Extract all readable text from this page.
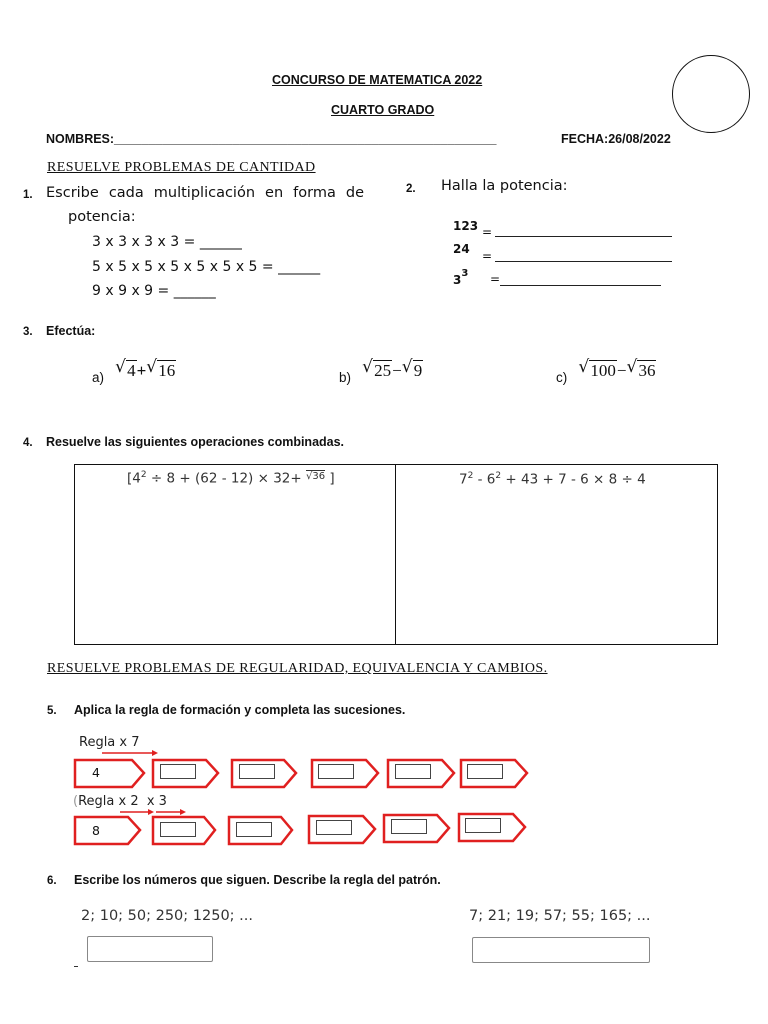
CONCURSO DE MATEMATICA 2022
CUARTO GRADO
NOMBRES:_______________________________________________________	FECHA:26/08/2022
RESUELVE PROBLEMAS DE CANTIDAD
1. Escribe cada multiplicación en forma de
potencia:
3 x 3 x 3 x 3 = ______
5 x 5 x 5 x 5 x 5 x 5 x 5 = ______
9 x 9 x 9 = ______
2. Halla la potencia:
123 =
24 =
$3^3$ =
3. Efectúa:
$_{a)}$
√ 4+ √ 16	$_{b)}$
√ 25− √ 9	$_{c)}$
√ 100− √ 36
4. Resuelve las siguientes operaciones combinadas.
[$4^2 \div 8 + (62 - 12) \times 32+ ^{√36}$ ]	$7^2 - 6^2 + 43 + 7 - 6 \times 8 \div 4$
RESUELVE PROBLEMAS DE REGULARIDAD, EQUIVALENCIA Y CAMBIOS.
5. Aplica la regla de formación y completa las sucesiones.
Regla x 7
4
(Regla x 2 x 3
8
6. Escribe los números que siguen. Describe la regla del patrón.
2; 10; 50; 250; 1250; ...	7; 21; 19; 57; 55; 165; ...
